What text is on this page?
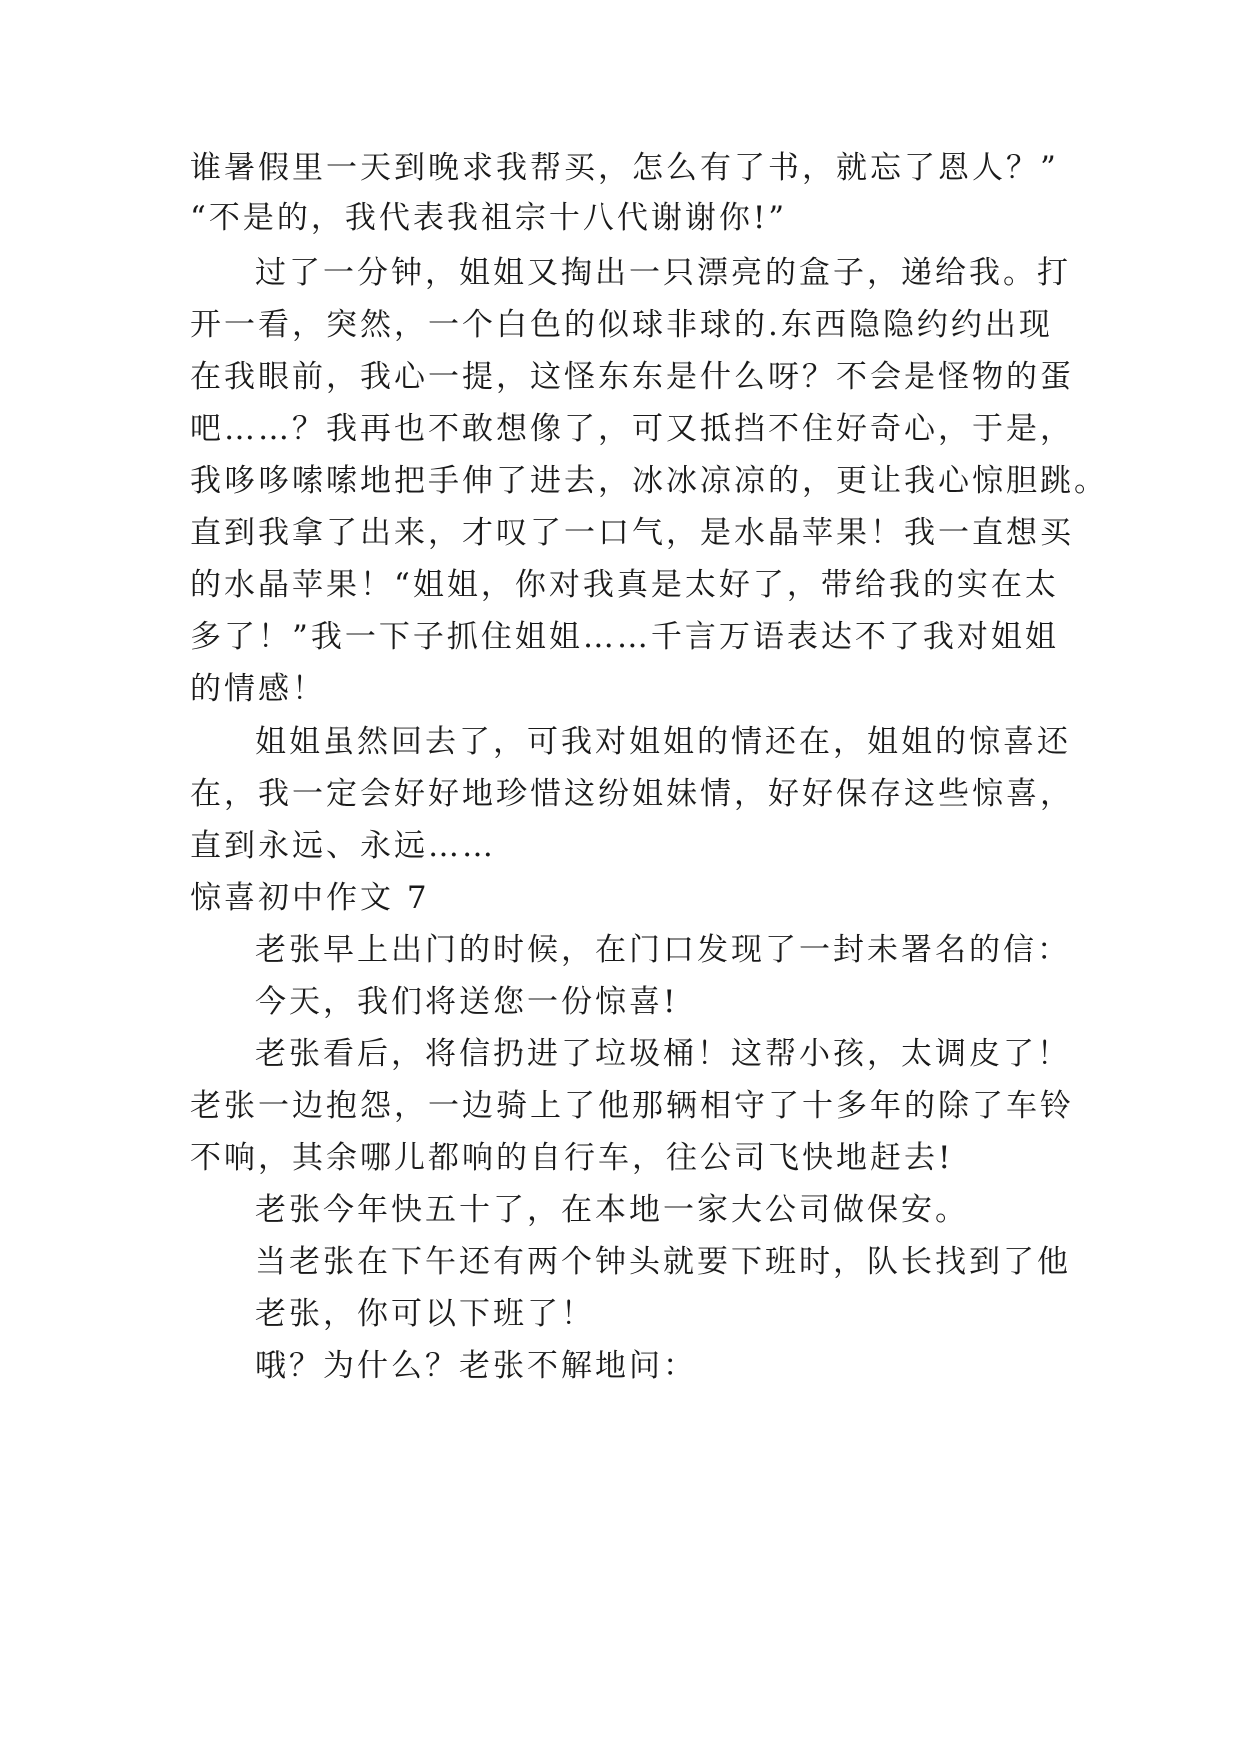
谁暑假里一天到晚求我帮买，怎么有了书，就忘了恩人？”
“不是的，我代表我祖宗十八代谢谢你!”
过了一分钟，姐姐又掏出一只漂亮的盒子，递给我。打
开一看，突然，一个白色的似球非球的.东西隐隐约约出现
在我眼前，我心一提，这怪东东是什么呀？不会是怪物的蛋
吧……？我再也不敢想像了，可又抵挡不住好奇心，于是，
我哆哆嗦嗦地把手伸了进去，冰冰凉凉的，更让我心惊胆跳。
直到我拿了出来，才叹了一口气，是水晶苹果！我一直想买
的水晶苹果！“姐姐，你对我真是太好了，带给我的实在太
多了！”我一下子抓住姐姐……千言万语表达不了我对姐姐
的情感！
姐姐虽然回去了，可我对姐姐的情还在，姐姐的惊喜还
在，我一定会好好地珍惜这纷姐妹情，好好保存这些惊喜，
直到永远、永远……
惊喜初中作文 7
老张早上出门的时候，在门口发现了一封未署名的信：
今天，我们将送您一份惊喜!
老张看后，将信扔进了垃圾桶！这帮小孩，太调皮了！
老张一边抱怨，一边骑上了他那辆相守了十多年的除了车铃
不响，其余哪儿都响的自行车，往公司飞快地赶去!
老张今年快五十了，在本地一家大公司做保安。
当老张在下午还有两个钟头就要下班时，队长找到了他
老张，你可以下班了！
哦？为什么？老张不解地问：
